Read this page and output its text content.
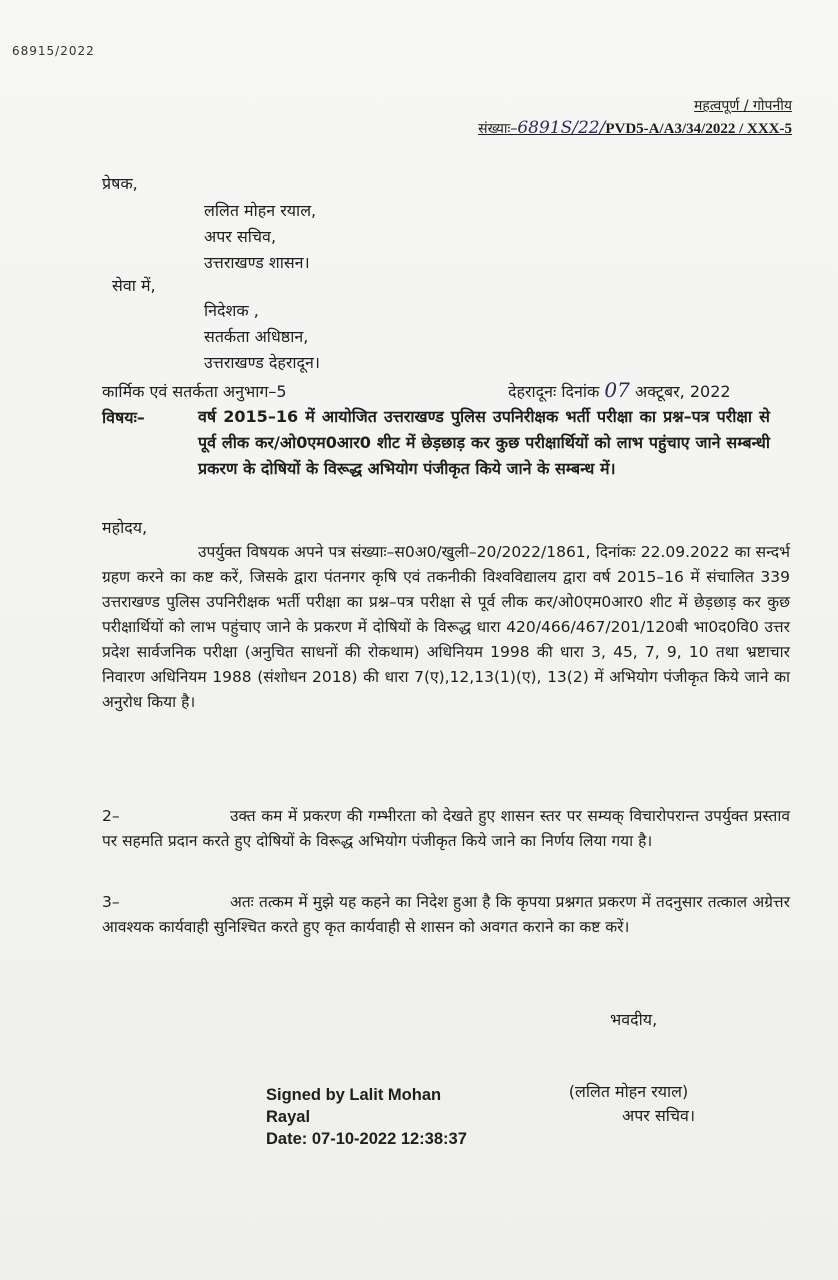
68915/2022
महत्वपूर्ण / गोपनीय
संख्याः–6891S/22/PVD5-A/A3/34/2022 / XXX-5
प्रेषक,
ललित मोहन रयाल,
अपर सचिव,
उत्तराखण्ड शासन।
सेवा में,
निदेशक ,
सतर्कता अधिष्ठान,
उत्तराखण्ड देहरादून।
कार्मिक एवं सतर्कता अनुभाग–5	देहरादूनः दिनांक 07 अक्टूबर, 2022
विषयः–	वर्ष 2015–16 में आयोजित उत्तराखण्ड पुलिस उपनिरीक्षक भर्ती परीक्षा का प्रश्न–पत्र परीक्षा से पूर्व लीक कर/ओ0एम0आर0 शीट में छेड़छाड़ कर कुछ परीक्षार्थियों को लाभ पहुंचाए जाने सम्बन्धी प्रकरण के दोषियों के विरूद्ध अभियोग पंजीकृत किये जाने के सम्बन्ध में।
महोदय,
उपर्युक्त विषयक अपने पत्र संख्याः–स0अ0/खुली–20/2022/1861, दिनांकः 22.09.2022 का सन्दर्भ ग्रहण करने का कष्ट करें, जिसके द्वारा पंतनगर कृषि एवं तकनीकी विश्वविद्यालय द्वारा वर्ष 2015–16 में संचालित 339 उत्तराखण्ड पुलिस उपनिरीक्षक भर्ती परीक्षा का प्रश्न–पत्र परीक्षा से पूर्व लीक कर/ओ0एम0आर0 शीट में छेड़छाड़ कर कुछ परीक्षार्थियों को लाभ पहुंचाए जाने के प्रकरण में दोषियों के विरूद्ध धारा 420/466/467/201/120बी भा0द0वि0 उत्तर प्रदेश सार्वजनिक परीक्षा (अनुचित साधनों की रोकथाम) अधिनियम 1998 की धारा 3, 45, 7, 9, 10 तथा भ्रष्टाचार निवारण अधिनियम 1988 (संशोधन 2018) की धारा 7(ए),12,13(1)(ए), 13(2) में अभियोग पंजीकृत किये जाने का अनुरोध किया है।
2–	उक्त कम में प्रकरण की गम्भीरता को देखते हुए शासन स्तर पर सम्यक् विचारोपरान्त उपर्युक्त प्रस्ताव पर सहमति प्रदान करते हुए दोषियों के विरूद्ध अभियोग पंजीकृत किये जाने का निर्णय लिया गया है।
3–	अतः तत्कम में मुझे यह कहने का निदेश हुआ है कि कृपया प्रश्नगत प्रकरण में तदनुसार तत्काल अग्रेत्तर आवश्यक कार्यवाही सुनिश्चित करते हुए कृत कार्यवाही से शासन को अवगत कराने का कष्ट करें।
भवदीय,
Signed by Lalit Mohan
Rayal
Date: 07-10-2022 12:38:37
(ललित मोहन रयाल)
अपर सचिव।
